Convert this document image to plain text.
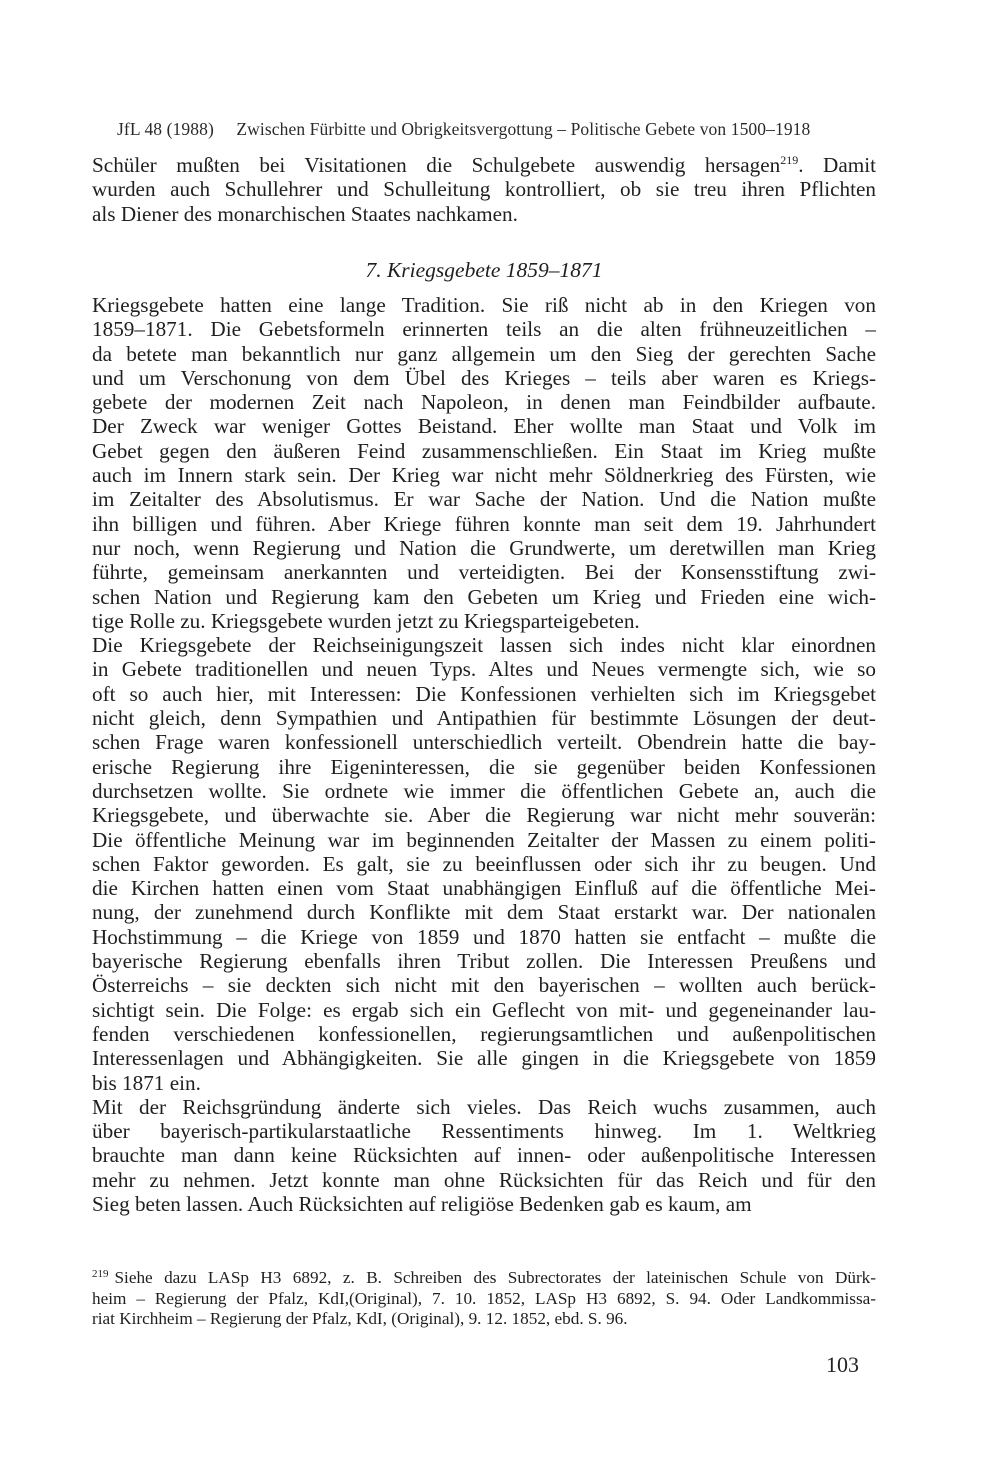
JfL 48 (1988) Zwischen Fürbitte und Obrigkeitsvergottung – Politische Gebete von 1500–1918
Schüler mußten bei Visitationen die Schulgebete auswendig hersagen$^{219}$. Damit
wurden auch Schullehrer und Schulleitung kontrolliert, ob sie treu ihren Pflichten
als Diener des monarchischen Staates nachkamen.
7. Kriegsgebete 1859–1871
Kriegsgebete hatten eine lange Tradition. Sie riß nicht ab in den Kriegen von
1859–1871. Die Gebetsformeln erinnerten teils an die alten frühneuzeitlichen –
da betete man bekanntlich nur ganz allgemein um den Sieg der gerechten Sache
und um Verschonung von dem Übel des Krieges – teils aber waren es Kriegs-
gebete der modernen Zeit nach Napoleon, in denen man Feindbilder aufbaute.
Der Zweck war weniger Gottes Beistand. Eher wollte man Staat und Volk im
Gebet gegen den äußeren Feind zusammenschließen. Ein Staat im Krieg mußte
auch im Innern stark sein. Der Krieg war nicht mehr Söldnerkrieg des Fürsten, wie
im Zeitalter des Absolutismus. Er war Sache der Nation. Und die Nation mußte
ihn billigen und führen. Aber Kriege führen konnte man seit dem 19. Jahrhundert
nur noch, wenn Regierung und Nation die Grundwerte, um deretwillen man Krieg
führte, gemeinsam anerkannten und verteidigten. Bei der Konsensstiftung zwi-
schen Nation und Regierung kam den Gebeten um Krieg und Frieden eine wich-
tige Rolle zu. Kriegsgebete wurden jetzt zu Kriegsparteigebeten.
Die Kriegsgebete der Reichseinigungszeit lassen sich indes nicht klar einordnen
in Gebete traditionellen und neuen Typs. Altes und Neues vermengte sich, wie so
oft so auch hier, mit Interessen: Die Konfessionen verhielten sich im Kriegsgebet
nicht gleich, denn Sympathien und Antipathien für bestimmte Lösungen der deut-
schen Frage waren konfessionell unterschiedlich verteilt. Obendrein hatte die bay-
erische Regierung ihre Eigeninteressen, die sie gegenüber beiden Konfessionen
durchsetzen wollte. Sie ordnete wie immer die öffentlichen Gebete an, auch die
Kriegsgebete, und überwachte sie. Aber die Regierung war nicht mehr souverän:
Die öffentliche Meinung war im beginnenden Zeitalter der Massen zu einem politi-
schen Faktor geworden. Es galt, sie zu beeinflussen oder sich ihr zu beugen. Und
die Kirchen hatten einen vom Staat unabhängigen Einfluß auf die öffentliche Mei-
nung, der zunehmend durch Konflikte mit dem Staat erstarkt war. Der nationalen
Hochstimmung – die Kriege von 1859 und 1870 hatten sie entfacht – mußte die
bayerische Regierung ebenfalls ihren Tribut zollen. Die Interessen Preußens und
Österreichs – sie deckten sich nicht mit den bayerischen – wollten auch berück-
sichtigt sein. Die Folge: es ergab sich ein Geflecht von mit- und gegeneinander lau-
fenden verschiedenen konfessionellen, regierungsamtlichen und außenpolitischen
Interessenlagen und Abhängigkeiten. Sie alle gingen in die Kriegsgebete von 1859
bis 1871 ein.
Mit der Reichsgründung änderte sich vieles. Das Reich wuchs zusammen, auch
über bayerisch-partikularstaatliche Ressentiments hinweg. Im 1. Weltkrieg
brauchte man dann keine Rücksichten auf innen- oder außenpolitische Interessen
mehr zu nehmen. Jetzt konnte man ohne Rücksichten für das Reich und für den
Sieg beten lassen. Auch Rücksichten auf religiöse Bedenken gab es kaum, am
$^{219}$ Siehe dazu LASp H3 6892, z. B. Schreiben des Subrectorates der lateinischen Schule von Dürk-
heim – Regierung der Pfalz, KdI,(Original), 7. 10. 1852, LASp H3 6892, S. 94. Oder Landkommissa-
riat Kirchheim – Regierung der Pfalz, KdI, (Original), 9. 12. 1852, ebd. S. 96.
103
